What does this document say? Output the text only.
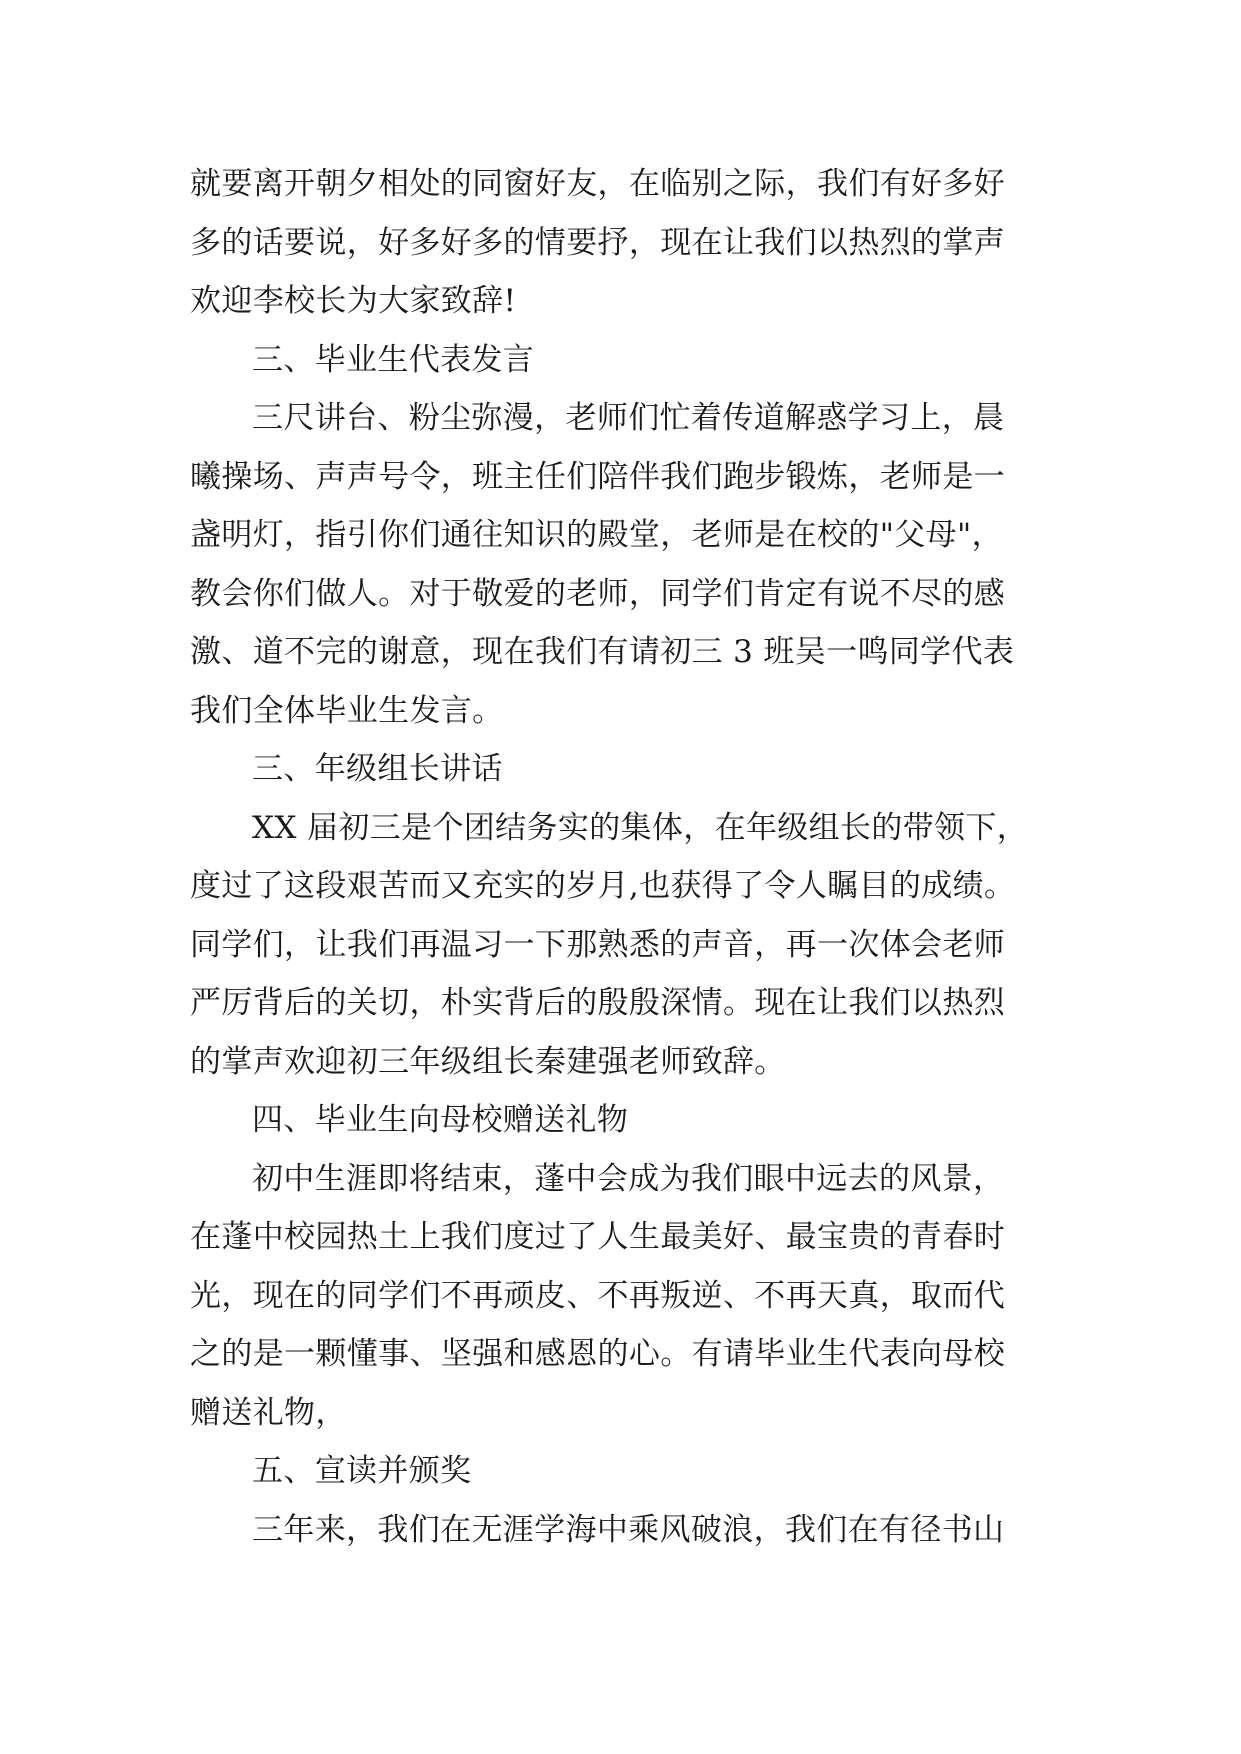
就要离开朝夕相处的同窗好友，在临别之际，我们有好多好

多的话要说，好多好多的情要抒，现在让我们以热烈的掌声

欢迎李校长为大家致辞!

三、毕业生代表发言

三尺讲台、粉尘弥漫，老师们忙着传道解惑学习上，晨

曦操场、声声号令，班主任们陪伴我们跑步锻炼，老师是一

盏明灯，指引你们通往知识的殿堂，老师是在校的"父母"，

教会你们做人。对于敬爱的老师，同学们肯定有说不尽的感

激、道不完的谢意，现在我们有请初三 3 班吴一鸣同学代表

我们全体毕业生发言。

三、年级组长讲话

XX 届初三是个团结务实的集体，在年级组长的带领下，

度过了这段艰苦而又充实的岁月,也获得了令人瞩目的成绩。

同学们，让我们再温习一下那熟悉的声音，再一次体会老师

严厉背后的关切，朴实背后的殷殷深情。现在让我们以热烈

的掌声欢迎初三年级组长秦建强老师致辞。

四、毕业生向母校赠送礼物

初中生涯即将结束，蓬中会成为我们眼中远去的风景，

在蓬中校园热土上我们度过了人生最美好、最宝贵的青春时

光，现在的同学们不再顽皮、不再叛逆、不再天真，取而代

之的是一颗懂事、坚强和感恩的心。有请毕业生代表向母校

赠送礼物，

五、宣读并颁奖

三年来，我们在无涯学海中乘风破浪，我们在有径书山
